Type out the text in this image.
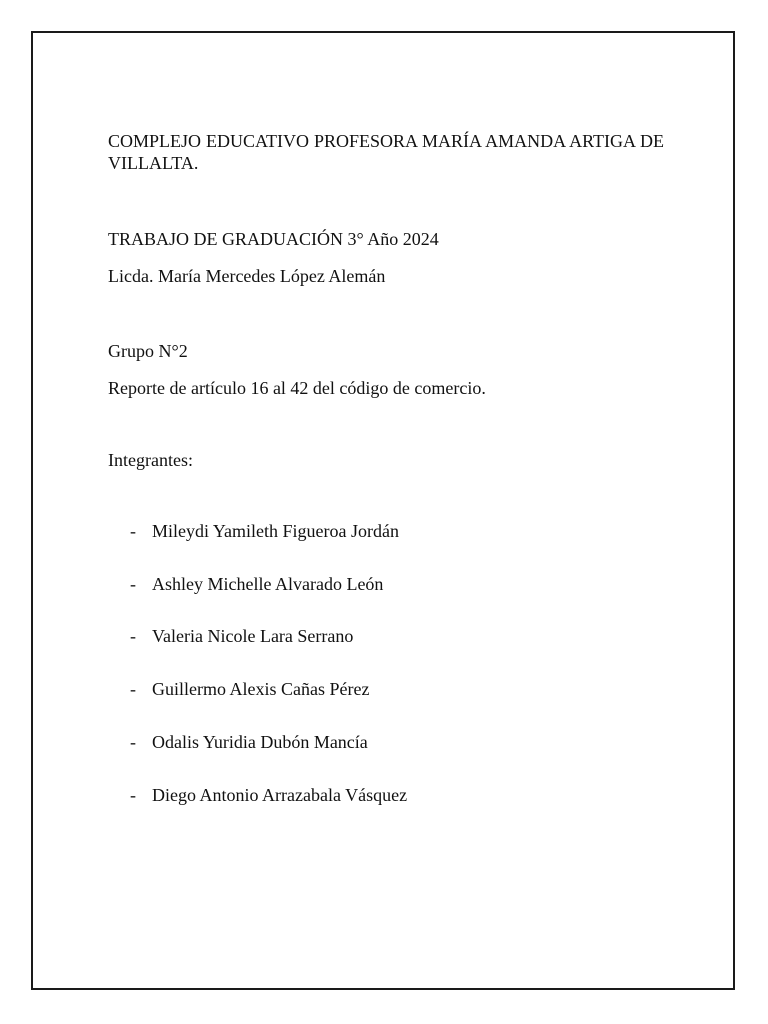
COMPLEJO EDUCATIVO PROFESORA MARÍA AMANDA ARTIGA DE VILLALTA.
TRABAJO DE GRADUACIÓN 3° Año 2024
Licda. María Mercedes López Alemán
Grupo N°2
Reporte de artículo 16 al 42 del código de comercio.
Integrantes:
- Mileydi Yamileth Figueroa Jordán
- Ashley Michelle Alvarado León
- Valeria Nicole Lara Serrano
- Guillermo Alexis Cañas Pérez
- Odalis Yuridia Dubón Mancía
- Diego Antonio Arrazabala Vásquez
